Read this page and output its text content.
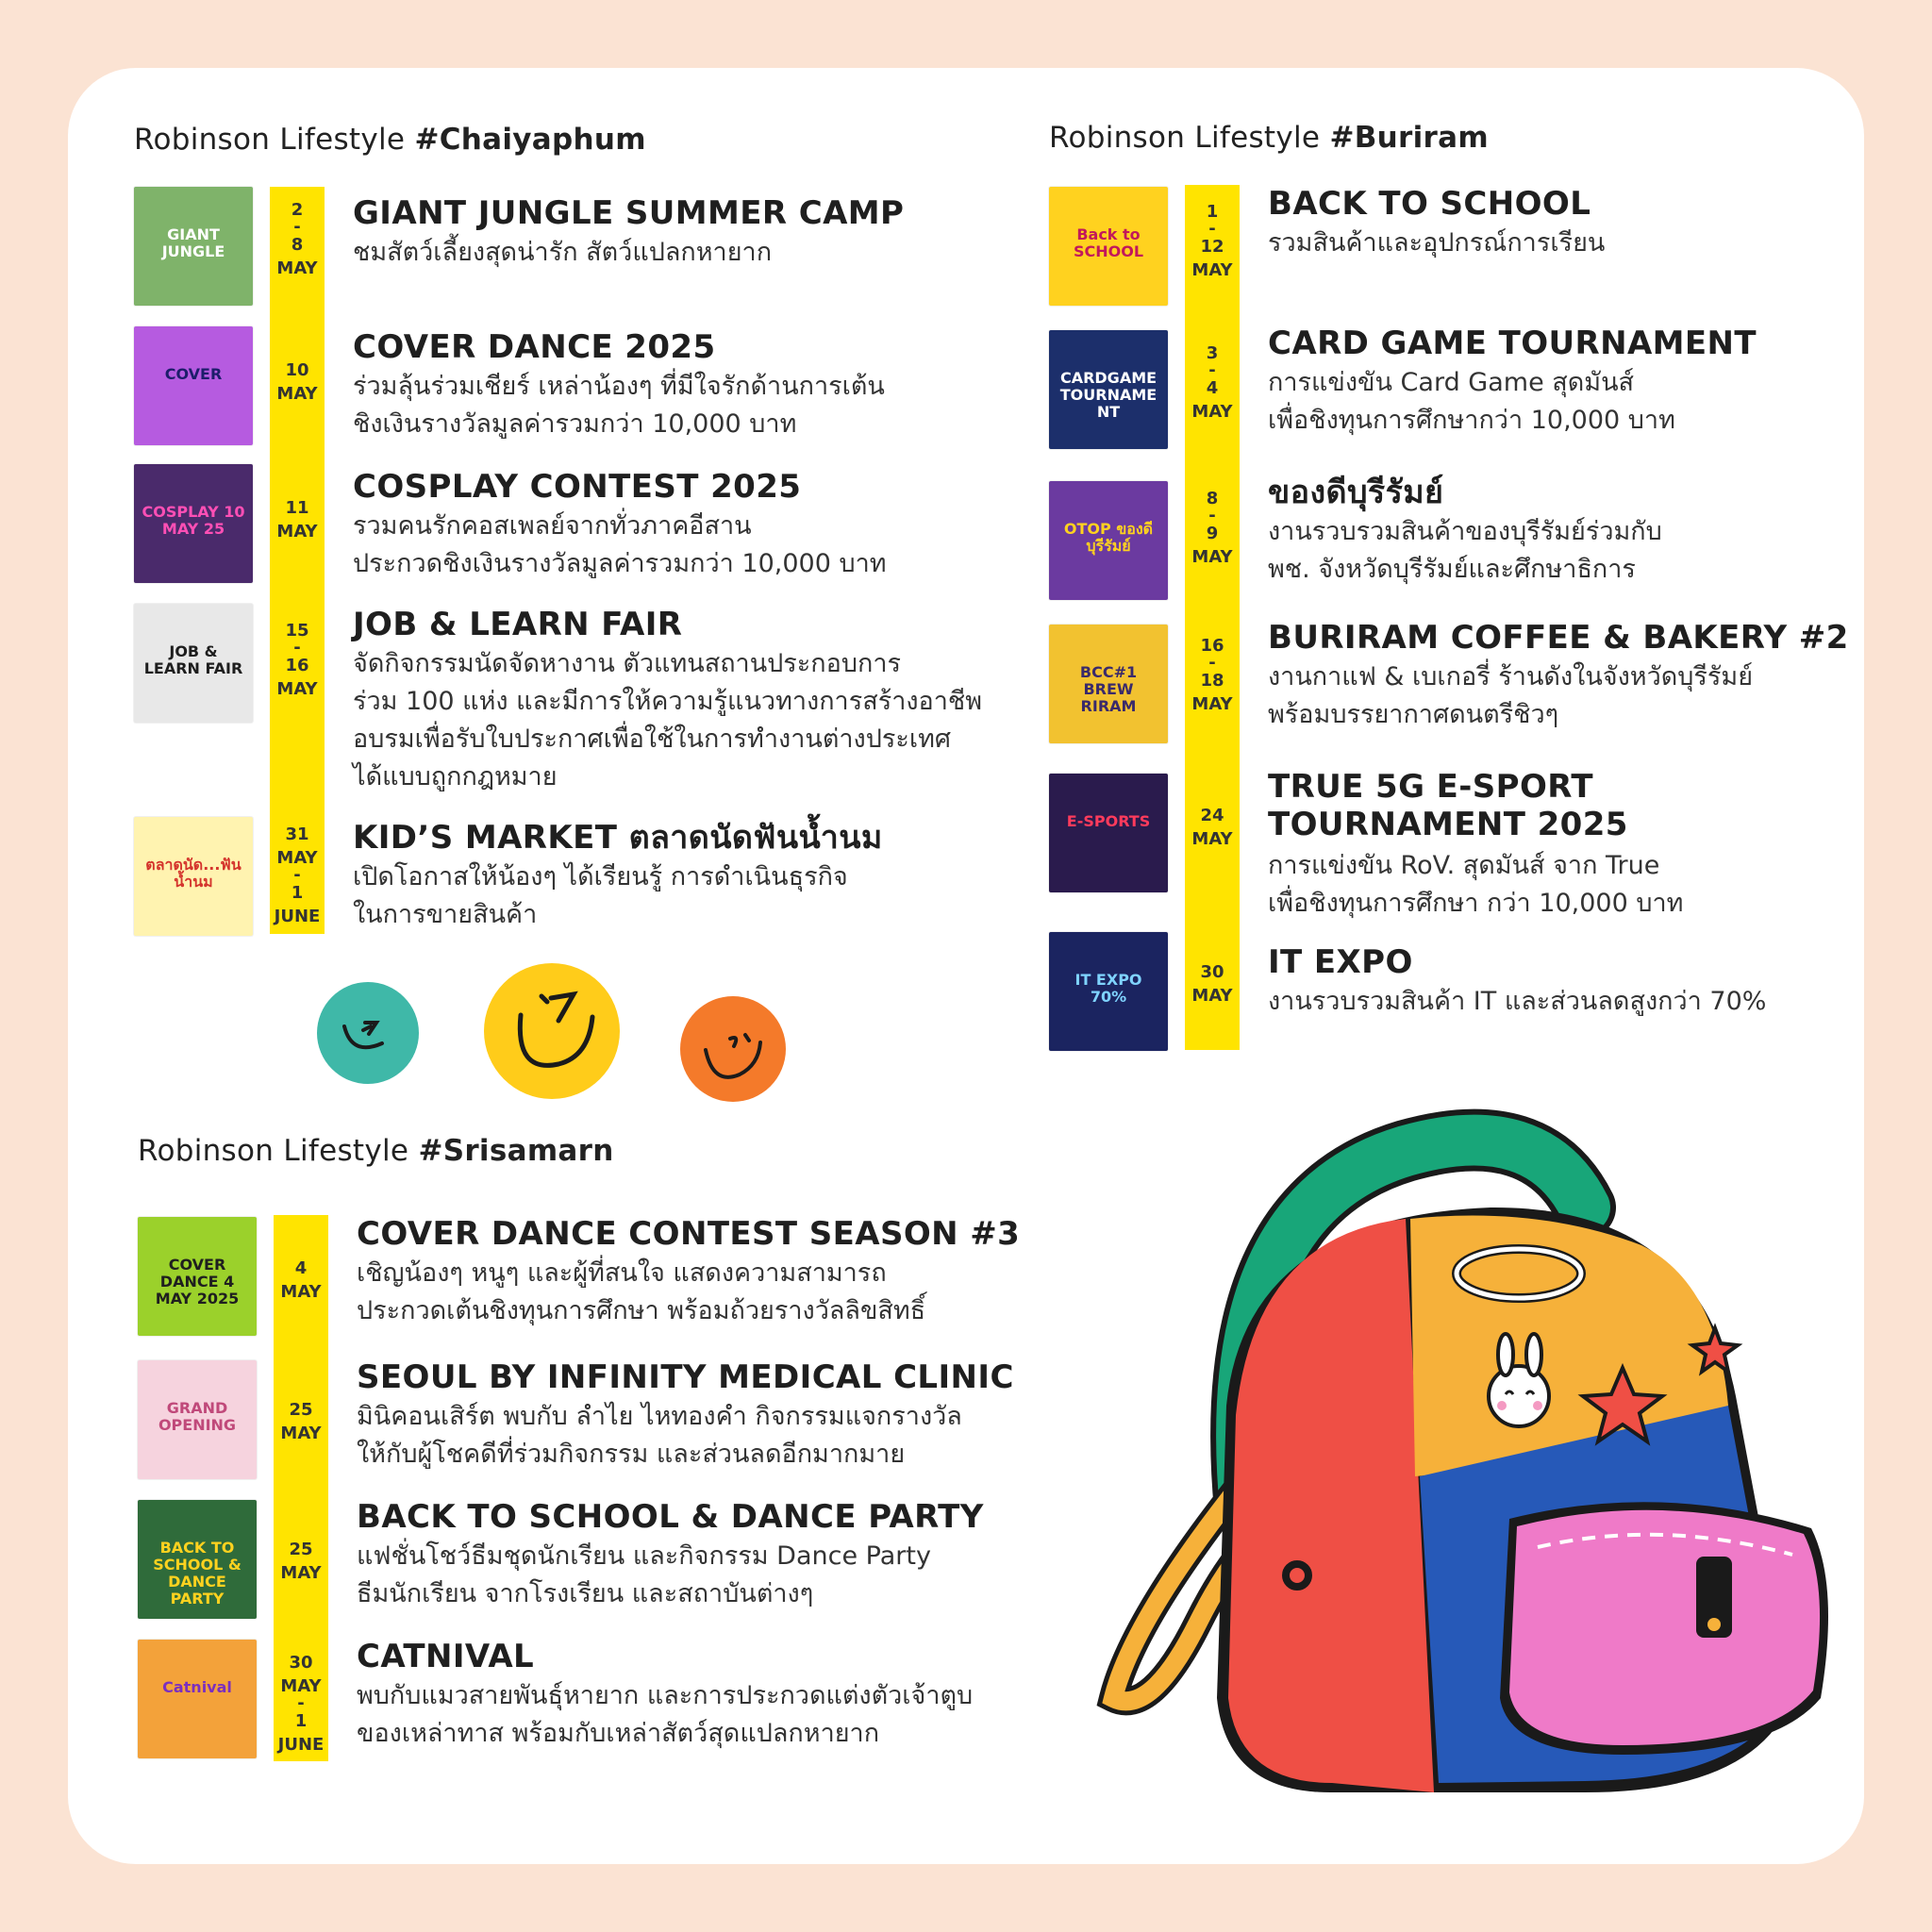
Robinson Lifestyle #Chaiyaphum
GIANT JUNGLE
2
-
8
MAY
GIANT JUNGLE SUMMER CAMP
ชมสัตว์เลี้ยงสุดน่ารัก สัตว์แปลกหายาก
COVER	10
MAY
COVER DANCE 2025
ร่วมลุ้นร่วมเชียร์ เหล่าน้องๆ ที่มีใจรักด้านการเต้น
ชิงเงินรางวัลมูลค่ารวมกว่า 10,000 บาท
COSPLAY 10 MAY 25
11
MAY
COSPLAY CONTEST 2025
รวมคนรักคอสเพลย์จากทั่วภาคอีสาน
ประกวดชิงเงินรางวัลมูลค่ารวมกว่า 10,000 บาท
JOB & LEARN FAIR
15
-
16
MAY
JOB & LEARN FAIR
จัดกิจกรรมนัดจัดหางาน ตัวแทนสถานประกอบการ
ร่วม 100 แห่ง และมีการให้ความรู้แนวทางการสร้างอาชีพ
อบรมเพื่อรับใบประกาศเพื่อใช้ในการทำงานต่างประเทศ
ได้แบบถูกกฎหมาย
ตลาดนัด...ฟันน้ำนม
31
MAY
-
1
JUNE
KID’S MARKET ตลาดนัดฟันน้ำนม
เปิดโอกาสให้น้องๆ ได้เรียนรู้ การดำเนินธุรกิจ
ในการขายสินค้า
Robinson Lifestyle #Buriram
Back to SCHOOL
1
-
12
MAY
BACK TO SCHOOL
รวมสินค้าและอุปกรณ์การเรียน
CARDGAME TOURNAMENT
3
-
4
MAY
CARD GAME TOURNAMENT
การแข่งขัน Card Game สุดมันส์
เพื่อชิงทุนการศึกษากว่า 10,000 บาท
OTOP ของดีบุรีรัมย์
8
-
9
MAY
ของดีบุรีรัมย์
งานรวบรวมสินค้าของบุรีรัมย์ร่วมกับ
พช. จังหวัดบุรีรัมย์และศึกษาธิการ
BCC#1 BREW RIRAM
16
-
18
MAY
BURIRAM COFFEE & BAKERY #2
งานกาแฟ & เบเกอรี่ ร้านดังในจังหวัดบุรีรัมย์
พร้อมบรรยากาศดนตรีชิวๆ
E-SPORTS	24
MAY
TRUE 5G E-SPORT
TOURNAMENT 2025
การแข่งขัน RoV. สุดมันส์ จาก True
เพื่อชิงทุนการศึกษา กว่า 10,000 บาท
IT EXPO 70%
30
MAY
IT EXPO
งานรวบรวมสินค้า IT และส่วนลดสูงกว่า 70%
Robinson Lifestyle #Srisamarn
COVER DANCE 4 MAY 2025
4
MAY
COVER DANCE CONTEST SEASON #3
เชิญน้องๆ หนูๆ และผู้ที่สนใจ แสดงความสามารถ
ประกวดเต้นชิงทุนการศึกษา พร้อมถ้วยรางวัลลิขสิทธิ์
GRAND OPENING
25
MAY
SEOUL BY INFINITY MEDICAL CLINIC
มินิคอนเสิร์ต พบกับ ลำไย ไหทองคำ กิจกรรมแจกรางวัล
ให้กับผู้โชคดีที่ร่วมกิจกรรม และส่วนลดอีกมากมาย
BACK TO SCHOOL & DANCE PARTY
25
MAY
BACK TO SCHOOL & DANCE PARTY
แฟชั่นโชว์ธีมชุดนักเรียน และกิจกรรม Dance Party
ธีมนักเรียน จากโรงเรียน และสถาบันต่างๆ
Catnival
30
MAY
-
1
JUNE
CATNIVAL
พบกับแมวสายพันธุ์หายาก และการประกวดแต่งตัวเจ้าตูบ
ของเหล่าทาส พร้อมกับเหล่าสัตว์สุดแปลกหายาก
